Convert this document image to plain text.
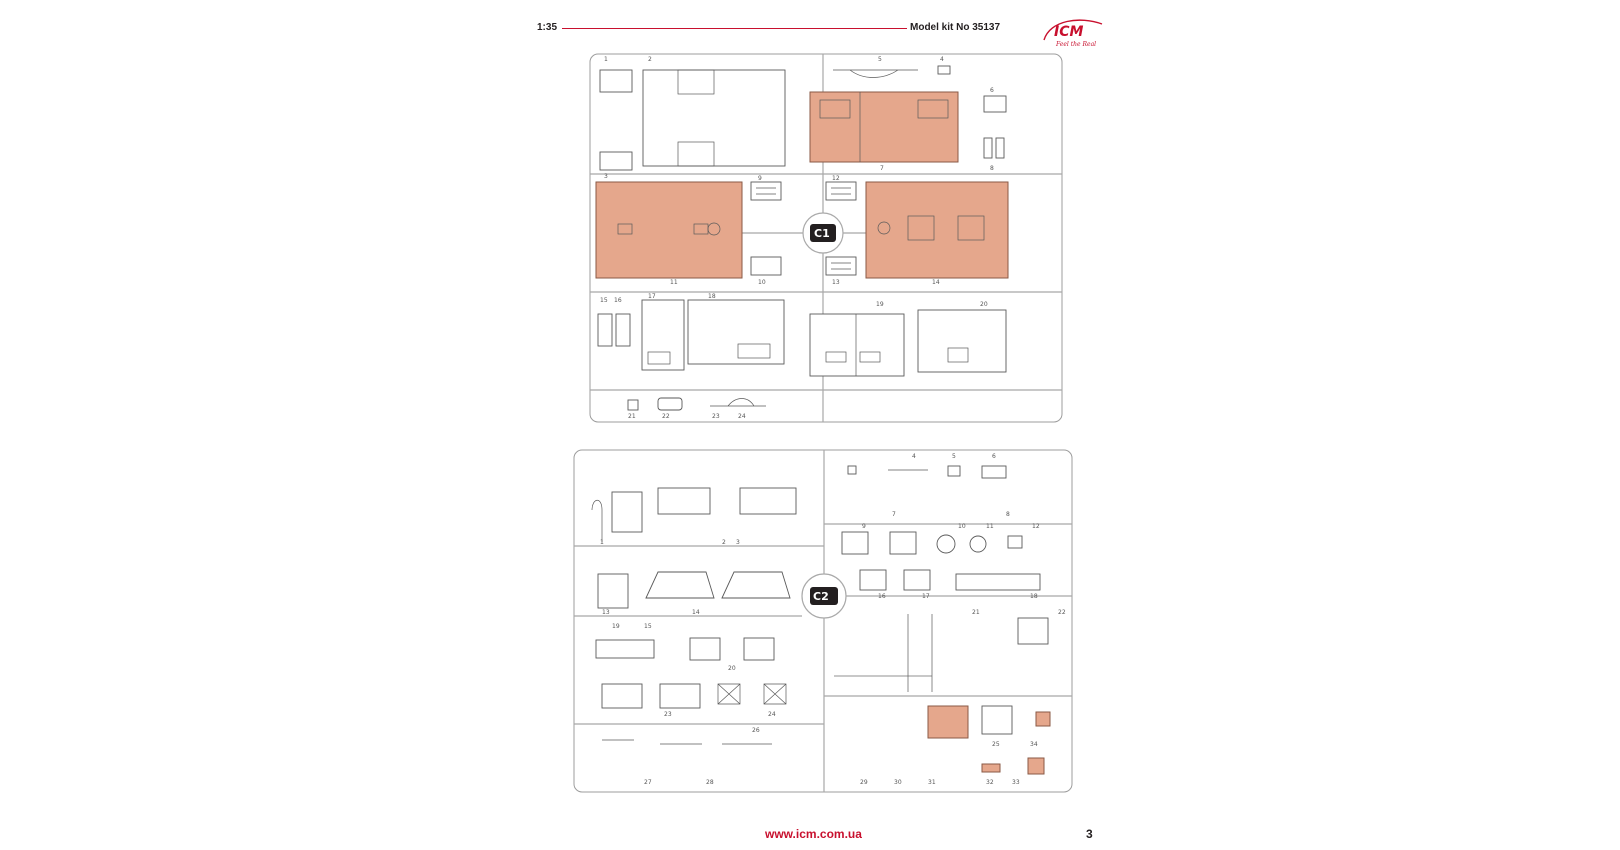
1:35	Model kit No 35137	ICM
Feel the Real
C1
1	2
3
4
5
6
7	8
9
10
11
12
13	14
15 16
17	18
19	20
21	22	23	24
C2
1	2 3
4	5	6
7	8
9	10	11	12
13	14
15
16	17	18
19
20
21	22
23	24
25
26
27	28	29	30	31	32	33
34
www.icm.com.ua	3
